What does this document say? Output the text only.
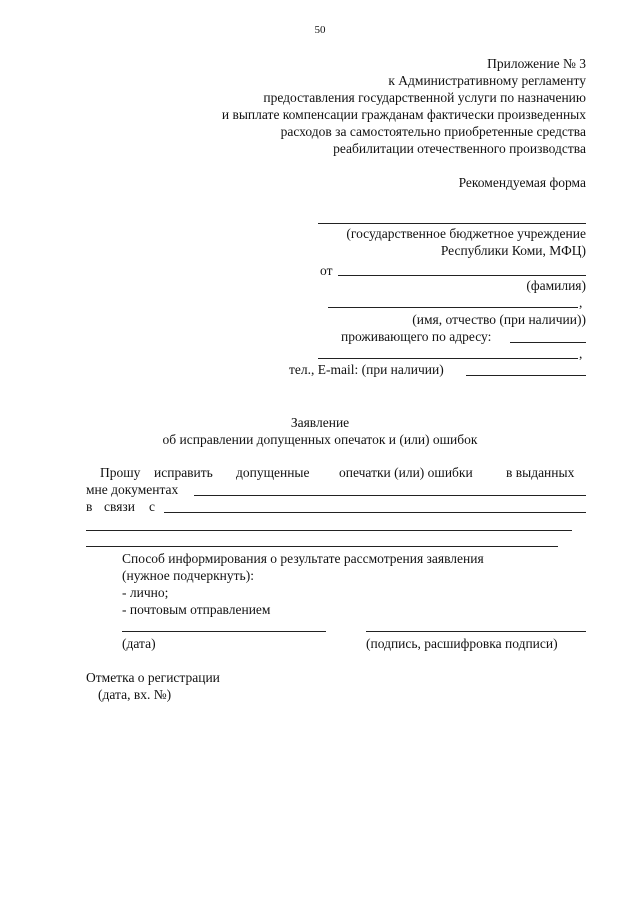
50
Приложение № 3
к Административному регламенту
предоставления государственной услуги по назначению
и выплате компенсации гражданам фактически произведенных
расходов за самостоятельно приобретенные средства
реабилитации отечественного производства
Рекомендуемая форма
(государственное бюджетное учреждение
Республики Коми, МФЦ)
от
(фамилия)
,
(имя, отчество (при наличии))
проживающего по адресу:
,
тел., E-mail: (при наличии)
Заявление
об исправлении допущенных опечаток и (или) ошибок
Прошу исправить допущенные опечатки (или) ошибки в выданных
мне документах
в связи с
Способ информирования о результате рассмотрения заявления
(нужное подчеркнуть):
- лично;
- почтовым отправлением
(дата)	(подпись, расшифровка подписи)
Отметка о регистрации
(дата, вх. №)
